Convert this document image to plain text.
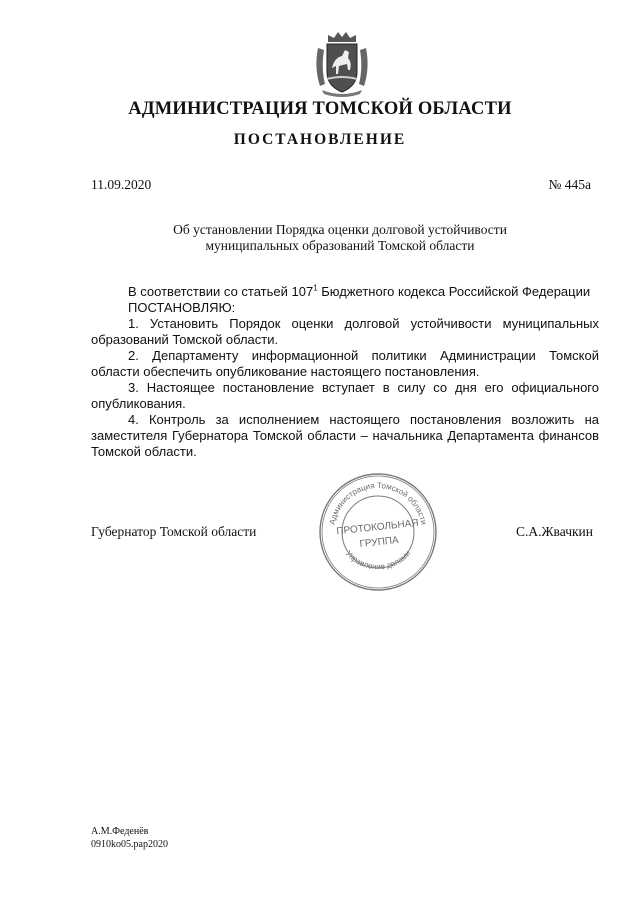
АДМИНИСТРАЦИЯ ТОМСКОЙ ОБЛАСТИ
ПОСТАНОВЛЕНИЕ
11.09.2020	№ 445а
Об установлении Порядка оценки долговой устойчивости
муниципальных образований Томской области

В соответствии со статьей $107^1$ Бюджетного кодекса Российской Федерации

ПОСТАНОВЛЯЮ:

1. Установить Порядок оценки долговой устойчивости муниципальных образований Томской области.

2. Департаменту информационной политики Администрации Томской области обеспечить опубликование настоящего постановления.

3. Настоящее постановление вступает в силу со дня его официального опубликования.

4. Контроль за исполнением настоящего постановления возложить на заместителя Губернатора Томской области – начальника Департамента финансов Томской области.

Губернатор Томской области	С.А.Жвачкин
Администрация Томской области
Управление делами
ПРОТОКОЛЬНАЯ
ГРУППА
А.М.Феденёв
0910ko05.pap2020
